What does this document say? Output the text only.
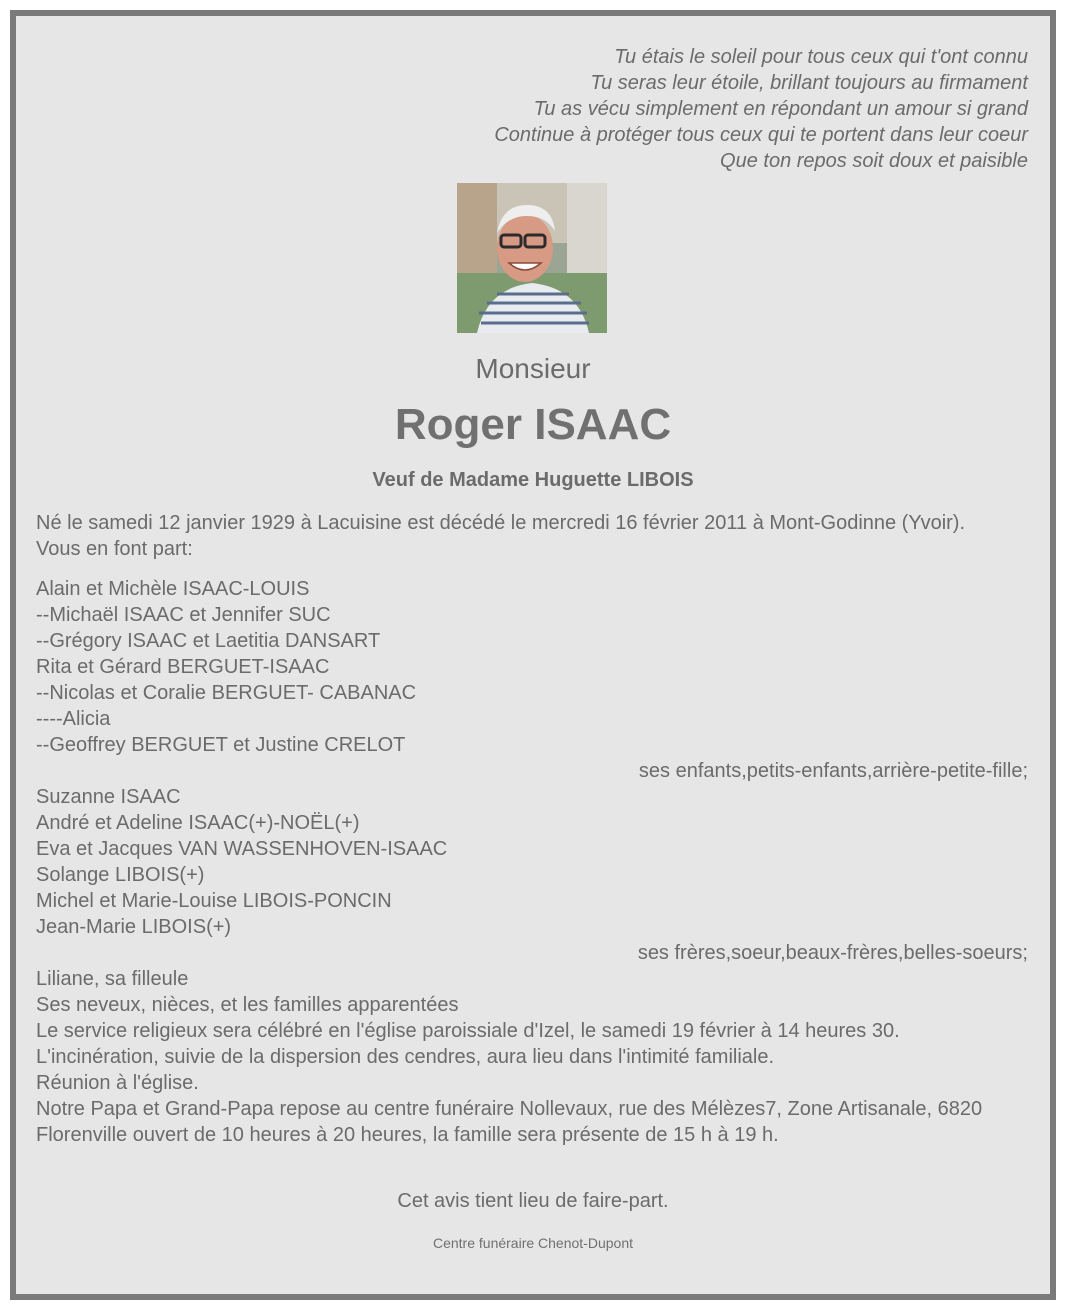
Tu étais le soleil pour tous ceux qui t'ont connu
Tu seras leur étoile, brillant toujours au firmament
Tu as vécu simplement en répondant un amour si grand
Continue à protéger tous ceux qui te portent dans leur coeur
Que ton repos soit doux et paisible
Monsieur
Roger ISAAC
Veuf de Madame Huguette LIBOIS
Né le samedi 12 janvier 1929 à Lacuisine est décédé le mercredi 16 février 2011 à Mont-Godinne (Yvoir).
Vous en font part:
Alain et Michèle ISAAC-LOUIS
--Michaël ISAAC et Jennifer SUC
--Grégory ISAAC et Laetitia DANSART
Rita et Gérard BERGUET-ISAAC
--Nicolas et Coralie BERGUET- CABANAC
----Alicia
--Geoffrey BERGUET et Justine CRELOT
ses enfants,petits-enfants,arrière-petite-fille;
Suzanne ISAAC
André et Adeline ISAAC(+)-NOËL(+)
Eva et Jacques VAN WASSENHOVEN-ISAAC
Solange LIBOIS(+)
Michel et Marie-Louise LIBOIS-PONCIN
Jean-Marie LIBOIS(+)
ses frères,soeur,beaux-frères,belles-soeurs;
Liliane, sa filleule
Ses neveux, nièces, et les familles apparentées
Le service religieux sera célébré en l'église paroissiale d'Izel, le samedi 19 février à 14 heures 30.
L'incinération, suivie de la dispersion des cendres, aura lieu dans l'intimité familiale.
Réunion à l'église.
Notre Papa et Grand-Papa repose au centre funéraire Nollevaux, rue des Mélèzes7, Zone Artisanale, 6820 Florenville ouvert de 10 heures à 20 heures, la famille sera présente de 15 h à 19 h.
Cet avis tient lieu de faire-part.
Centre funéraire Chenot-Dupont
